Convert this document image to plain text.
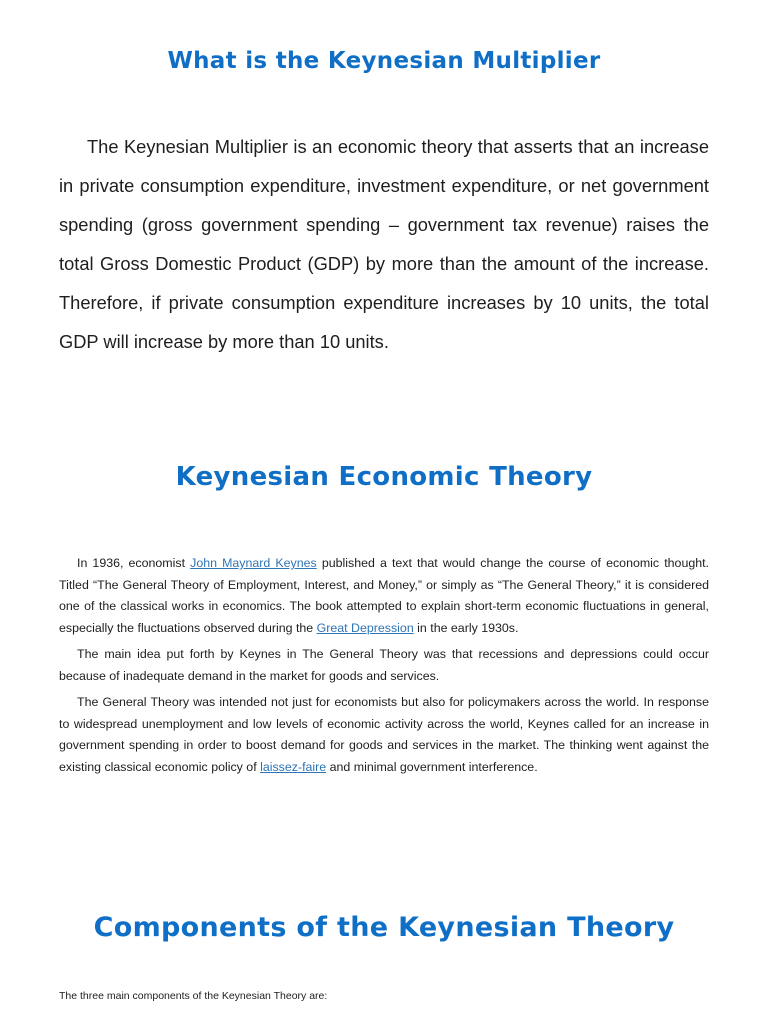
What is the Keynesian Multiplier

The Keynesian Multiplier is an economic theory that asserts that an increase in private consumption expenditure, investment expenditure, or net government spending (gross government spending – government tax revenue) raises the total Gross Domestic Product (GDP) by more than the amount of the increase. Therefore, if private consumption expenditure increases by 10 units, the total GDP will increase by more than 10 units.

Keynesian Economic Theory

In 1936, economist John Maynard Keynes published a text that would change the course of economic thought. Titled “The General Theory of Employment, Interest, and Money,” or simply as “The General Theory,” it is considered one of the classical works in economics. The book attempted to explain short-term economic fluctuations in general, especially the fluctuations observed during the Great Depression in the early 1930s.

The main idea put forth by Keynes in The General Theory was that recessions and depressions could occur because of inadequate demand in the market for goods and services.

The General Theory was intended not just for economists but also for policymakers across the world. In response to widespread unemployment and low levels of economic activity across the world, Keynes called for an increase in government spending in order to boost demand for goods and services in the market. The thinking went against the existing classical economic policy of laissez-faire and minimal government interference.

Components of the Keynesian Theory

The three main components of the Keynesian Theory are:
